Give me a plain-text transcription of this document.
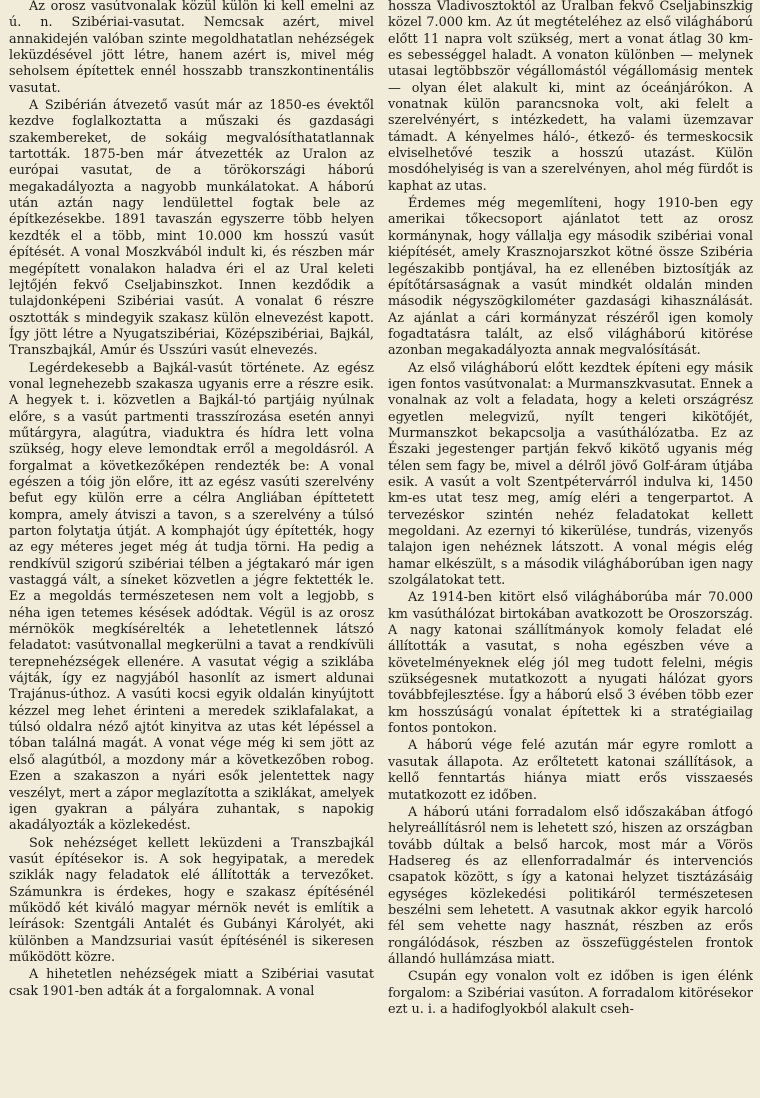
Az orosz vasútvonalak közül külön ki kell emelni az ú. n. Szibériai-vasutat. Nemcsak azért, mivel annakidején valóban szinte megoldhatatlan nehézségek leküzdésével jött létre, hanem azért is, mivel még seholsem építettek ennél hosszabb transzkontinentális vasutat.

A Szibérián átvezető vasút már az 1850-es évektől kezdve foglalkoztatta a műszaki és gazdasági szakembereket, de sokáig megvalósíthatatlannak tartották. 1875-ben már átvezették az Uralon az európai vasutat, de a törökországi háború megakadályozta a nagyobb munkálatokat. A háború után aztán nagy lendülettel fogtak bele az építkezésekbe. 1891 tavaszán egyszerre több helyen kezdték el a több, mint 10.000 km hosszú vasút építését. A vonal Moszkvából indult ki, és részben már megépített vonalakon haladva éri el az Ural keleti lejtőjén fekvő Cseljabinszkot. Innen kezdődik a tulajdonképeni Szibériai vasút. A vonalat 6 részre osztották s mindegyik szakasz külön elnevezést kapott. Így jött létre a Nyugatszibériai, Középszibériai, Bajkál, Transzbajkál, Amúr és Usszúri vasút elnevezés.

Legérdekesebb a Bajkál-vasút története. Az egész vonal legnehezebb szakasza ugyanis erre a részre esik. A hegyek t. i. közvetlen a Bajkál-tó partjáig nyúlnak előre, s a vasút partmenti trasszírozása esetén annyi műtárgyra, alagútra, viaduktra és hídra lett volna szükség, hogy eleve lemondtak erről a megoldásról. A forgalmat a következőképen rendezték be: A vonal egészen a tóig jön előre, itt az egész vasúti szerelvény befut egy külön erre a célra Angliában építtetett kompra, amely átviszi a tavon, s a szerelvény a túlsó parton folytatja útját. A komphajót úgy építették, hogy az egy méteres jeget még át tudja törni. Ha pedig a rendkívül szigorú szibériai télben a jégtakaró már igen vastaggá vált, a síneket közvetlen a jégre fektették le. Ez a megoldás természetesen nem volt a legjobb, s néha igen tetemes késések adódtak. Végül is az orosz mérnökök megkísérelték a lehetetlennek látszó feladatot: vasútvonallal megkerülni a tavat a rendkívüli terepnehézségek ellenére. A vasutat végig a sziklába vájták, így ez nagyjából hasonlít az ismert aldunai Trajánus-úthoz. A vasúti kocsi egyik oldalán kinyújtott kézzel meg lehet érinteni a meredek sziklafalakat, a túlsó oldalra néző ajtót kinyitva az utas két lépéssel a tóban találná magát. A vonat vége még ki sem jött az első alagútból, a mozdony már a következőben robog. Ezen a szakaszon a nyári esők jelentettek nagy veszélyt, mert a zápor meglazította a sziklákat, amelyek igen gyakran a pályára zuhantak, s napokig akadályozták a közlekedést.

Sok nehézséget kellett leküzdeni a Transzbajkál vasút építésekor is. A sok hegyipatak, a meredek sziklák nagy feladatok elé állították a tervezőket. Számunkra is érdekes, hogy e szakasz építésénél működő két kiváló magyar mérnök nevét is említik a leírások: Szentgáli Antalét és Gubányi Károlyét, aki különben a Mandzsuriai vasút építésénél is sikeresen működött közre.

A hihetetlen nehézségek miatt a Szibériai vasutat csak 1901-ben adták át a forgalomnak. A vonal

hossza Vladivosztoktól az Uralban fekvő Cseljabinszkig közel 7.000 km. Az út megtételéhez az első világháború előtt 11 napra volt szükség, mert a vonat átlag 30 km-es sebességgel haladt. A vonaton különben — melynek utasai legtöbbször végállomástól végállomásig mentek — olyan élet alakult ki, mint az óceánjárókon. A vonatnak külön parancsnoka volt, aki felelt a szerelvényért, s intézkedett, ha valami üzemzavar támadt. A kényelmes háló-, étkező- és termeskocsik elviselhetővé teszik a hosszú utazást. Külön mosdóhelyiség is van a szerelvényen, ahol még fürdőt is kaphat az utas.

Érdemes még megemlíteni, hogy 1910-ben egy amerikai tőkecsoport ajánlatot tett az orosz kormánynak, hogy vállalja egy második szibériai vonal kiépítését, amely Krasznojarszkot kötné össze Szibéria legészakibb pontjával, ha ez ellenében biztosítják az építőtársaságnak a vasút mindkét oldalán minden második négyszögkilométer gazdasági kihasználását. Az ajánlat a cári kormányzat részéről igen komoly fogadtatásra talált, az első világháború kitörése azonban megakadályozta annak megvalósítását.

Az első világháború előtt kezdtek építeni egy másik igen fontos vasútvonalat: a Murmanszkvasutat. Ennek a vonalnak az volt a feladata, hogy a keleti országrész egyetlen melegvizű, nyílt tengeri kikötőjét, Murmanszkot bekapcsolja a vasúthálózatba. Ez az Északi jegestenger partján fekvő kikötő ugyanis még télen sem fagy be, mivel a délről jövő Golf-áram útjába esik. A vasút a volt Szentpétervárról indulva ki, 1450 km-es utat tesz meg, amíg eléri a tengerpartot. A tervezéskor szintén nehéz feladatokat kellett megoldani. Az ezernyi tó kikerülése, tundrás, vizenyős talajon igen nehéznek látszott. A vonal mégis elég hamar elkészült, s a második világháborúban igen nagy szolgálatokat tett.

Az 1914-ben kitört első világháborúba már 70.000 km vasúthálózat birtokában avatkozott be Oroszország. A nagy katonai szállítmányok komoly feladat elé állították a vasutat, s noha egészben véve a követelményeknek elég jól meg tudott felelni, mégis szükségesnek mutatkozott a nyugati hálózat gyors továbbfejlesztése. Így a háború első 3 évében több ezer km hosszúságú vonalat építettek ki a stratégiailag fontos pontokon.

A háború vége felé azután már egyre romlott a vasutak állapota. Az erőltetett katonai szállítások, a kellő fenntartás hiánya miatt erős visszaesés mutatkozott ez időben.

A háború utáni forradalom első időszakában átfogó helyreállításról nem is lehetett szó, hiszen az országban tovább dúltak a belső harcok, most már a Vörös Hadsereg és az ellenforradalmár és intervenciós csapatok között, s így a katonai helyzet tisztázásáig egységes közlekedési politikáról természetesen beszélni sem lehetett. A vasutnak akkor egyik harcoló fél sem vehette nagy hasznát, részben az erős rongálódások, részben az összefüggéstelen frontok állandó hullámzása miatt.

Csupán egy vonalon volt ez időben is igen élénk forgalom: a Szibériai vasúton. A forradalom kitörésekor ezt u. i. a hadifoglyokból alakult cseh-
